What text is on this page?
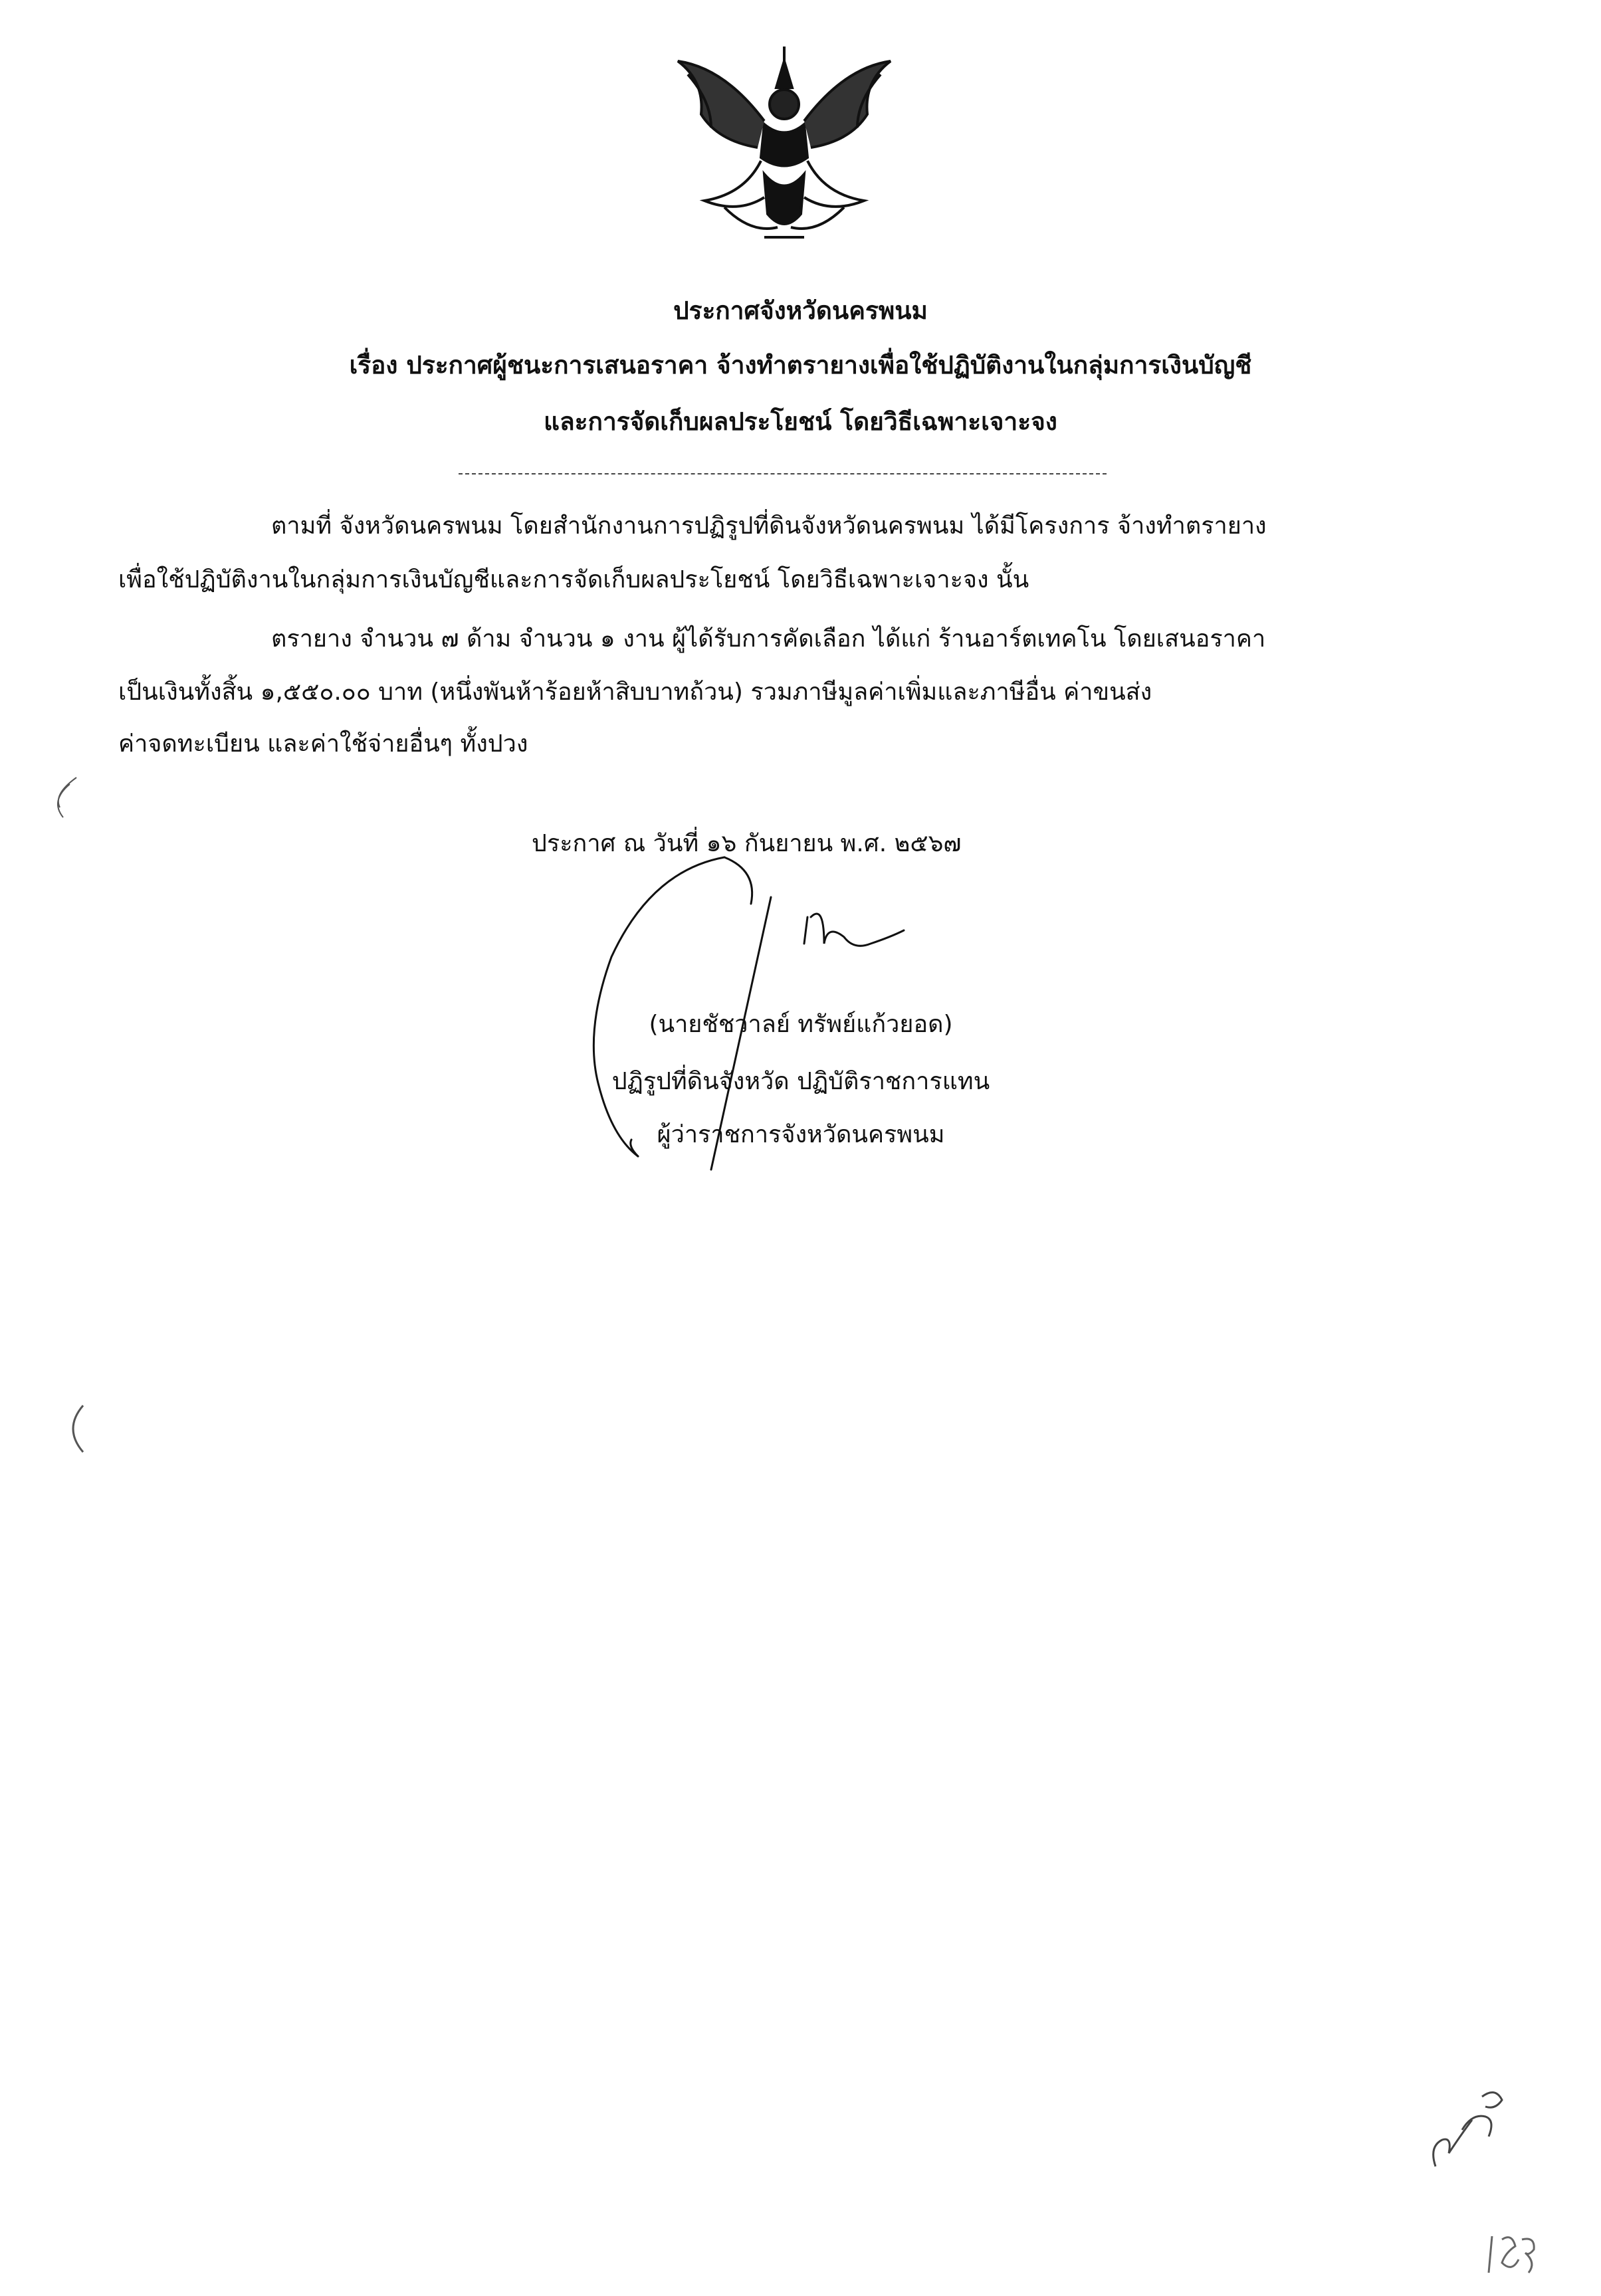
ประกาศจังหวัดนครพนม
เรื่อง ประกาศผู้ชนะการเสนอราคา จ้างทำตรายางเพื่อใช้ปฏิบัติงานในกลุ่มการเงินบัญชี
และการจัดเก็บผลประโยชน์ โดยวิธีเฉพาะเจาะจง
ตามที่ จังหวัดนครพนม โดยสำนักงานการปฏิรูปที่ดินจังหวัดนครพนม ได้มีโครงการ จ้างทำตรายาง
เพื่อใช้ปฏิบัติงานในกลุ่มการเงินบัญชีและการจัดเก็บผลประโยชน์ โดยวิธีเฉพาะเจาะจง นั้น
ตรายาง จำนวน ๗ ด้าม จำนวน ๑ งาน ผู้ได้รับการคัดเลือก ได้แก่ ร้านอาร์ตเทคโน โดยเสนอราคา
เป็นเงินทั้งสิ้น ๑,๕๕๐.๐๐ บาท (หนึ่งพันห้าร้อยห้าสิบบาทถ้วน) รวมภาษีมูลค่าเพิ่มและภาษีอื่น ค่าขนส่ง
ค่าจดทะเบียน และค่าใช้จ่ายอื่นๆ ทั้งปวง
ประกาศ ณ วันที่ ๑๖ กันยายน พ.ศ. ๒๕๖๗
(นายชัชวาลย์ ทรัพย์แก้วยอด)
ปฏิรูปที่ดินจังหวัด ปฏิบัติราชการแทน
ผู้ว่าราชการจังหวัดนครพนม
